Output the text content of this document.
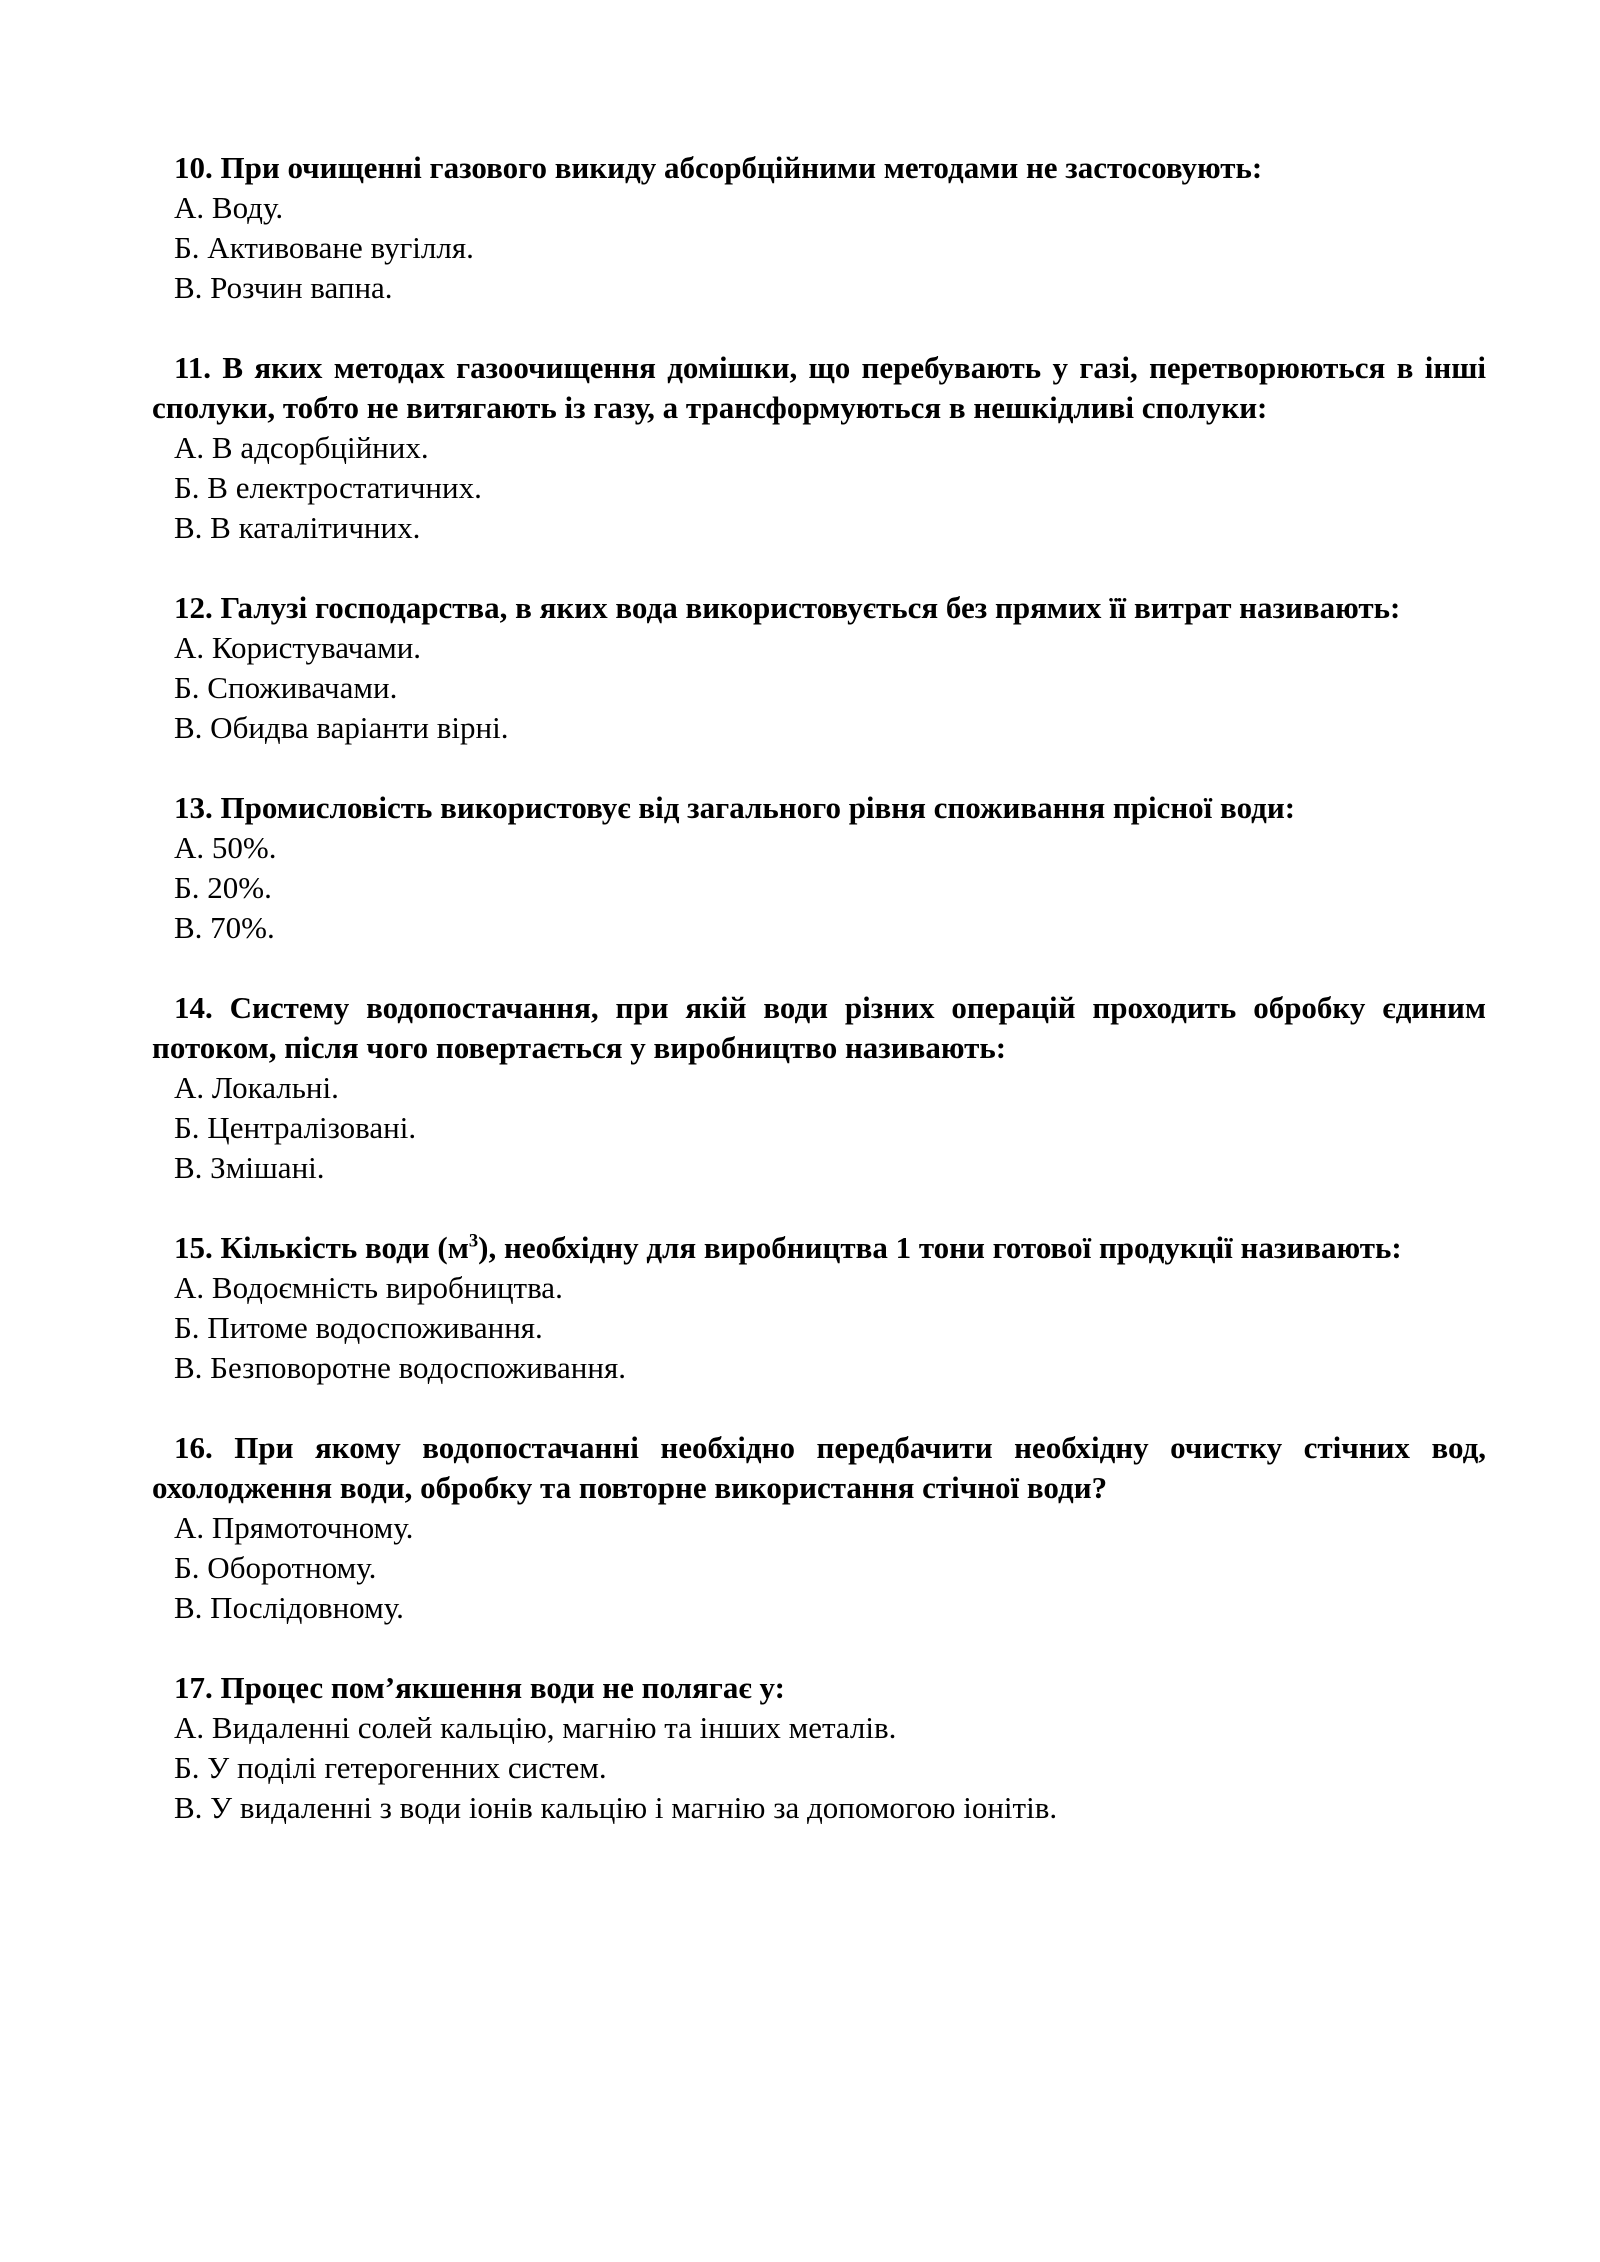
10. При очищенні газового викиду абсорбційними методами не застосовують:

А. Воду.

Б. Активоване вугілля.

В. Розчин вапна.

11. В яких методах газоочищення домішки, що перебувають у газі, перетворюються в інші сполуки, тобто не витягають із газу, а трансформуються в нешкідливі сполуки:

А. В адсорбційних.

Б. В електростатичних.

В. В каталітичних.

12. Галузі господарства, в яких вода використовується без прямих її витрат називають:

А. Користувачами.

Б. Споживачами.

В. Обидва варіанти вірні.

13. Промисловість використовує від загального рівня споживання прісної води:

А. 50%.

Б. 20%.

В. 70%.

14. Систему водопостачання, при якій води різних операцій проходить обробку єдиним потоком, після чого повертається у виробництво називають:

А. Локальні.

Б. Централізовані.

В. Змішані.

15. Кількість води $(м^3)$, необхідну для виробництва 1 тони готової продукції називають:

А. Водоємність виробництва.

Б. Питоме водоспоживання.

В. Безповоротне водоспоживання.

16. При якому водопостачанні необхідно передбачити необхідну очистку стічних вод, охолодження води, обробку та повторне використання стічної води?

А. Прямоточному.

Б. Оборотному.

В. Послідовному.

17. Процес пом’якшення води не полягає у:

А. Видаленні солей кальцію, магнію та інших металів.

Б. У поділі гетерогенних систем.

В. У видаленні з води іонів кальцію і магнію за допомогою іонітів.
